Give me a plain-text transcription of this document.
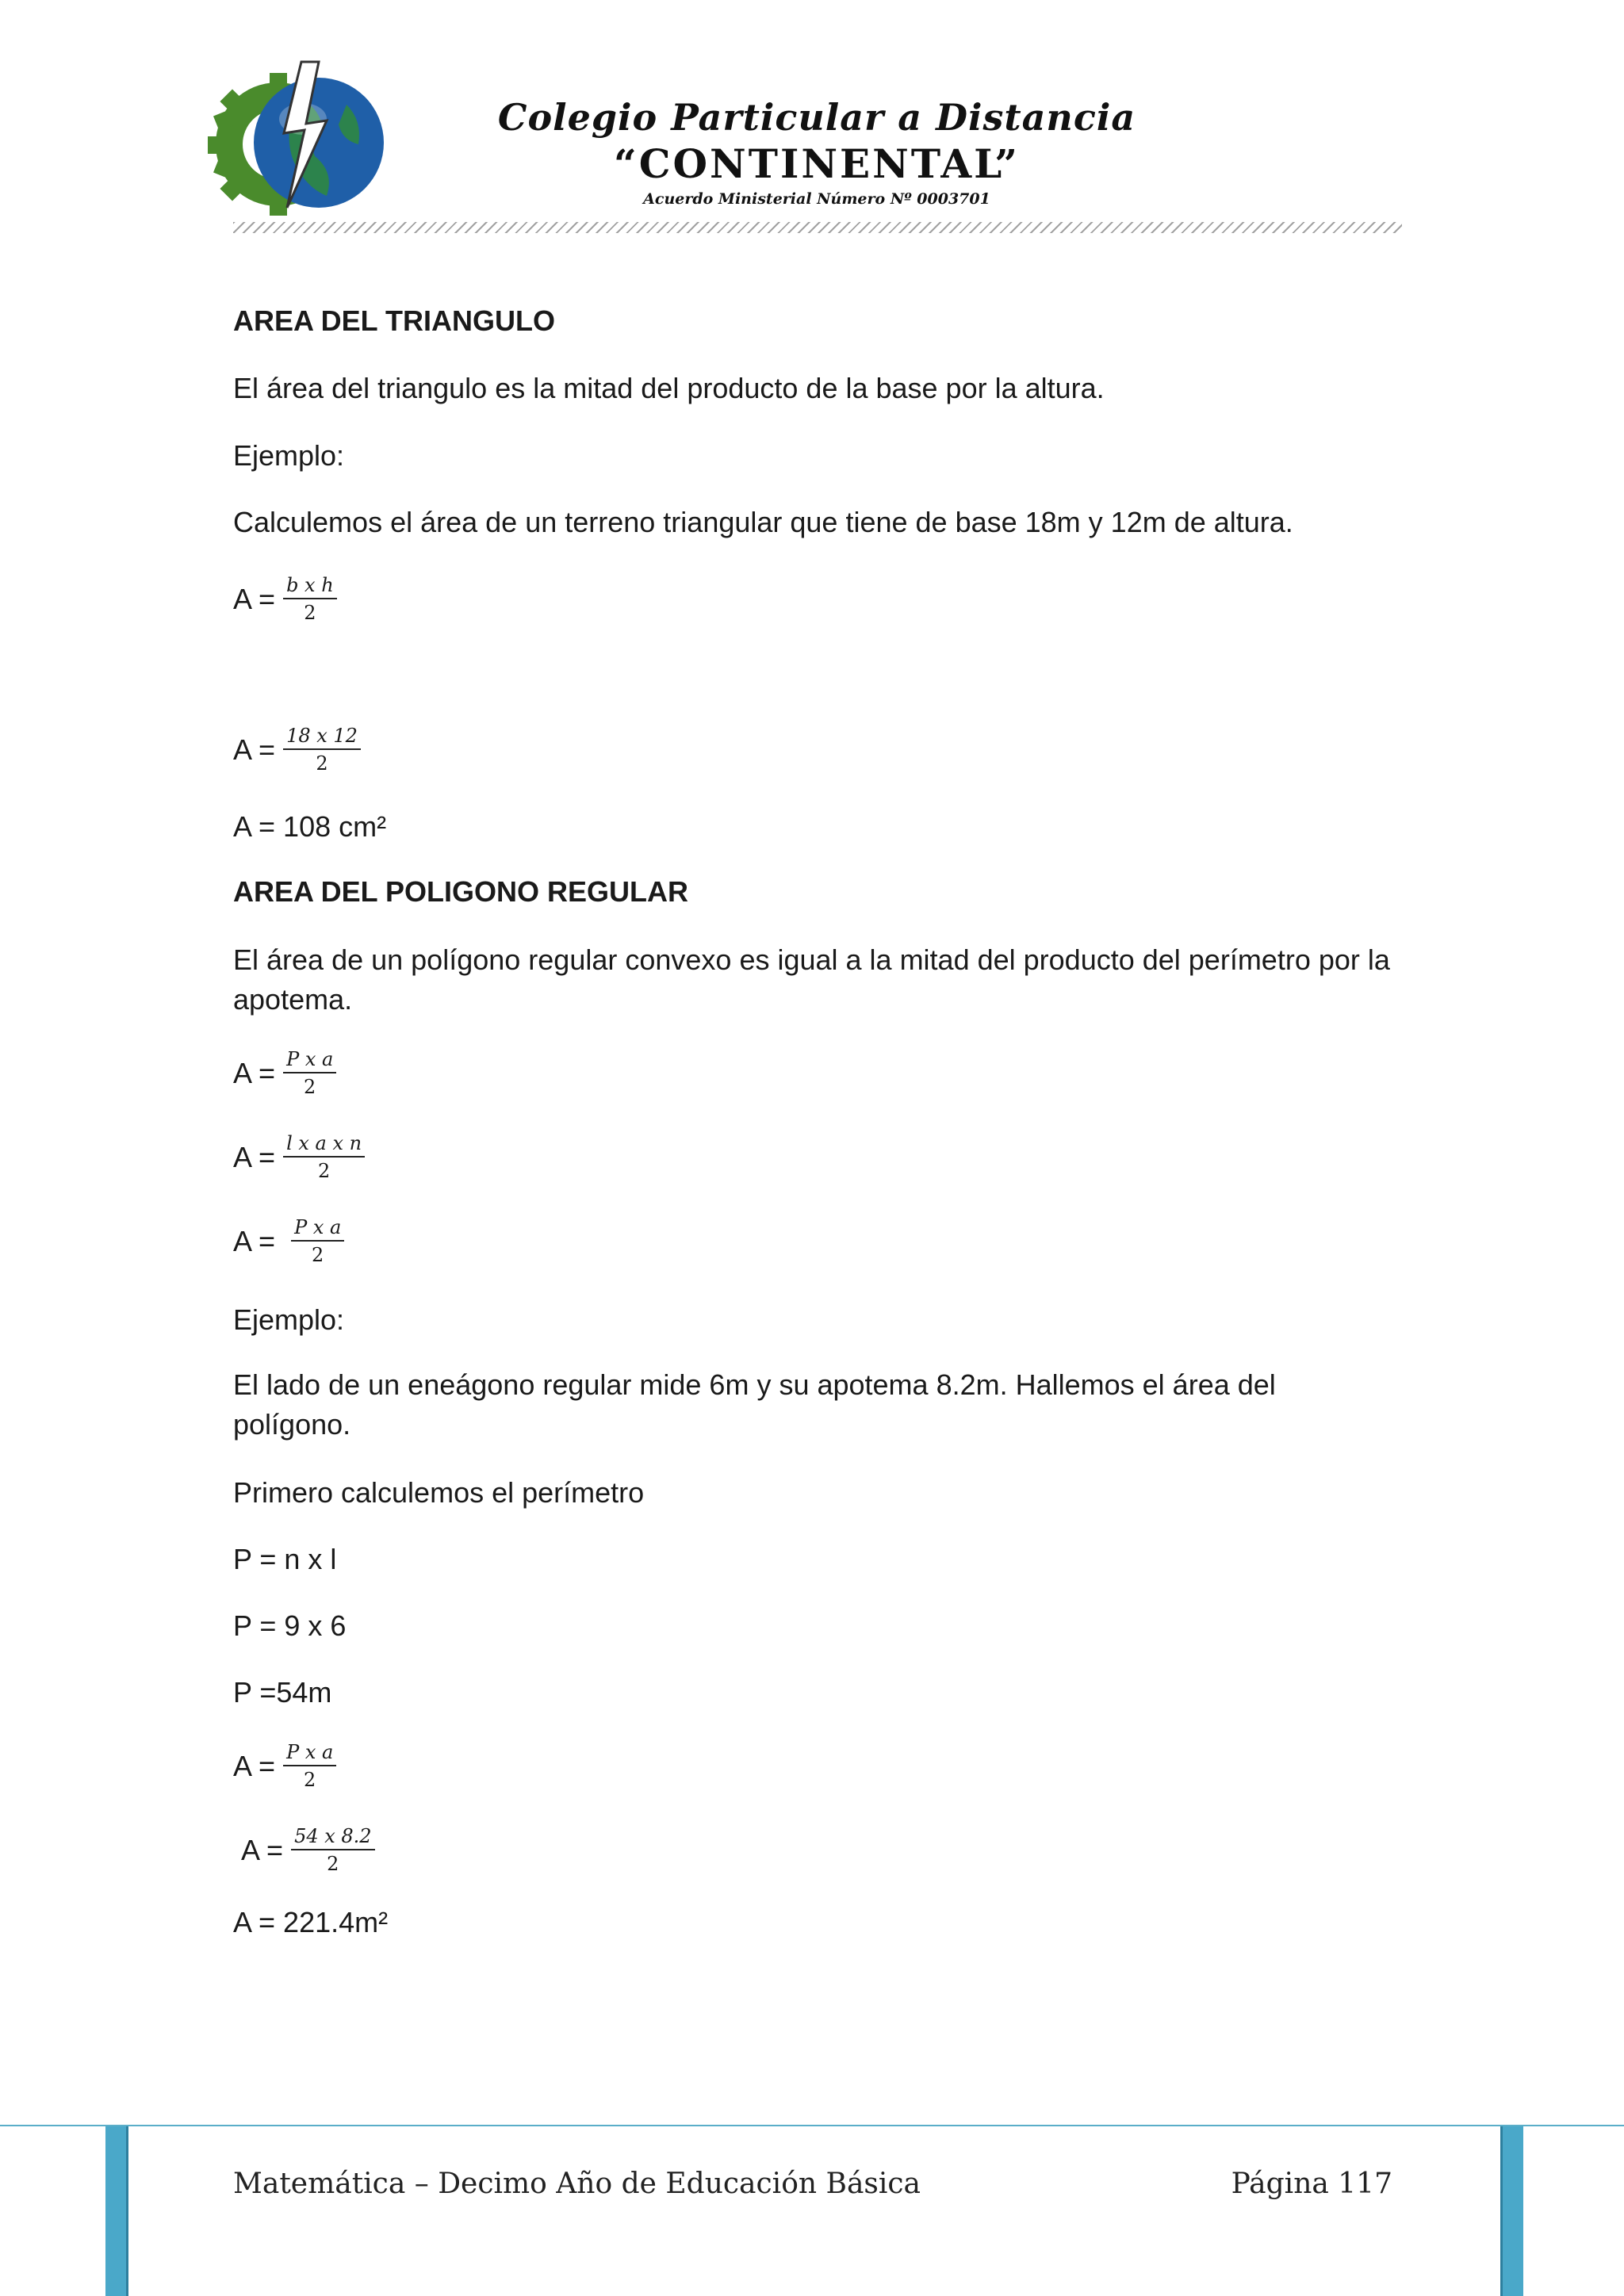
Colegio Particular a Distancia
“CONTINENTAL”
Acuerdo Ministerial Número Nº 0003701
AREA DEL TRIANGULO
El área del triangulo es la mitad del producto de la base por la altura.
Ejemplo:
Calculemos el área de un terreno triangular que tiene de base 18m y 12m de altura.
$A = \frac{\text{b x h}}{2}$
$A = \frac{18 x 12}{2}$
A = 108 cm²
AREA DEL POLIGONO REGULAR
El área de un polígono regular convexo es igual a la mitad del producto del perímetro por la apotema.
$A = \frac{\text{P x a}}{2}$
$A = \frac{\text{l x a x n}}{2}$
$A = \frac{\text{P x a}}{2}$
Ejemplo:
El lado de un eneágono regular mide 6m y su apotema 8.2m. Hallemos el área del polígono.
Primero calculemos el perímetro
P = n x l
P = 9 x 6
P =54m
$A = \frac{\text{P x a}}{2}$
$A = \frac{54 x 8.2}{2}$
A = 221.4m²
Matemática – Decimo Año de Educación Básica	Página 117
